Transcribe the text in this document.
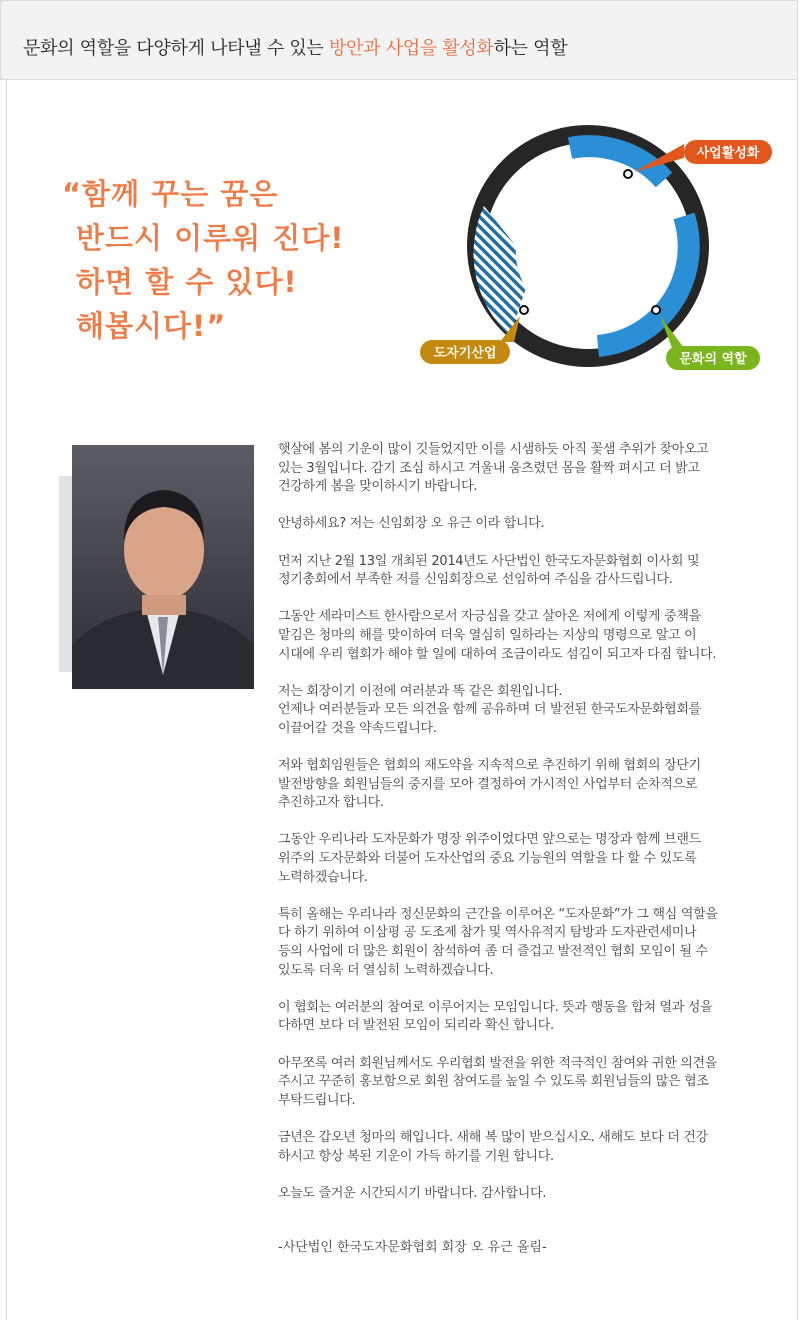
문화의 역할을 다양하게 나타낼 수 있는 방안과 사업을 활성화하는 역할
“함께 꾸는 꿈은
반드시 이루워 진다!
하면 할 수 있다!
해봅시다!”	WHATS KDOJA
사업활성화
도자기산업	문화의 역할

햇살에 봄의 기운이 많이 깃들었지만 이를 시샘하듯 아직 꽃샘 추위가 찾아오고
있는 3월입니다. 감기 조심 하시고 겨울내 움츠렸던 몸을 활짝 펴시고 더 밝고
건강하게 봄을 맞이하시기 바랍니다.

안녕하세요? 저는 신임회장 오 유근 이라 합니다.

먼저 지난 2월 13일 개최된 2014년도 사단법인 한국도자문화협회 이사회 및
정기총회에서 부족한 저를 신임회장으로 선임하여 주심을 감사드립니다.

그동안 세라미스트 한사람으로서 자긍심을 갖고 살아온 저에게 이렇게 중책을
맡김은 청마의 해를 맞이하여 더욱 열심히 일하라는 지상의 명령으로 알고 이
시대에 우리 협회가 해야 할 일에 대하여 조금이라도 섬김이 되고자 다짐 합니다.

저는 회장이기 이전에 여러분과 똑 같은 회원입니다.
언제나 여러분들과 모든 의견을 함께 공유하며 더 발전된 한국도자문화협회를
이끌어갈 것을 약속드립니다.

저와 협회임원들은 협회의 재도약을 지속적으로 추진하기 위해 협회의 장단기
발전방향을 회원님들의 중지를 모아 결정하여 가시적인 사업부터 순차적으로
추진하고자 합니다.

그동안 우리나라 도자문화가 명장 위주이었다면 앞으로는 명장과 함께 브랜드
위주의 도자문화와 더불어 도자산업의 중요 기능원의 역할을 다 할 수 있도록
노력하겠습니다.

특히 올해는 우리나라 정신문화의 근간을 이루어온 “도자문화”가 그 핵심 역할을
다 하기 위하여 이삼평 공 도조제 참가 및 역사유적지 탐방과 도자관련세미나
등의 사업에 더 많은 회원이 참석하여 좀 더 즐겁고 발전적인 협회 모임이 될 수
있도록 더욱 더 열심히 노력하겠습니다.

이 협회는 여러분의 참여로 이루어지는 모임입니다. 뜻과 행동을 합쳐 열과 성을
다하면 보다 더 발전된 모임이 되리라 확신 합니다.

아무쪼록 여러 회원님께서도 우리협회 발전을 위한 적극적인 참여와 귀한 의견을
주시고 꾸준히 홍보함으로 회원 참여도를 높일 수 있도록 회원님들의 많은 협조
부탁드립니다.

금년은 갑오년 청마의 해입니다. 새해 복 많이 받으십시오. 새해도 보다 더 건강
하시고 항상 복된 기운이 가득 하기를 기원 합니다.

오늘도 즐거운 시간되시기 바랍니다. 감사합니다.

-사단법인 한국도자문화협회 회장 오 유근 올림-
